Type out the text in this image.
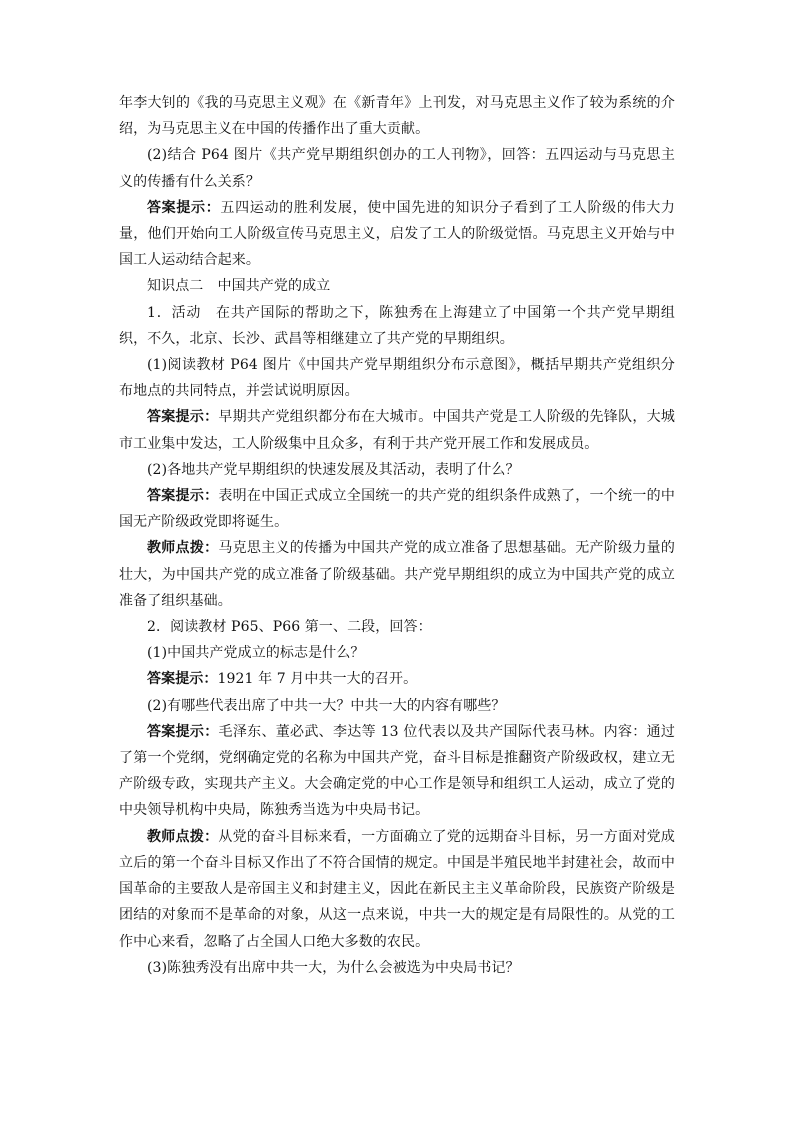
年李大钊的《我的马克思主义观》在《新青年》上刊发，对马克思主义作了较为系统的介绍，为马克思主义在中国的传播作出了重大贡献。

(2)结合 P64 图片《共产党早期组织创办的工人刊物》，回答：五四运动与马克思主义的传播有什么关系？

答案提示：五四运动的胜利发展，使中国先进的知识分子看到了工人阶级的伟大力量，他们开始向工人阶级宣传马克思主义，启发了工人的阶级觉悟。马克思主义开始与中国工人运动结合起来。

知识点二　中国共产党的成立

1．活动　在共产国际的帮助之下，陈独秀在上海建立了中国第一个共产党早期组织，不久，北京、长沙、武昌等相继建立了共产党的早期组织。

(1)阅读教材 P64 图片《中国共产党早期组织分布示意图》，概括早期共产党组织分布地点的共同特点，并尝试说明原因。

答案提示：早期共产党组织都分布在大城市。中国共产党是工人阶级的先锋队，大城市工业集中发达，工人阶级集中且众多，有利于共产党开展工作和发展成员。

(2)各地共产党早期组织的快速发展及其活动，表明了什么？

答案提示：表明在中国正式成立全国统一的共产党的组织条件成熟了，一个统一的中国无产阶级政党即将诞生。

教师点拨：马克思主义的传播为中国共产党的成立准备了思想基础。无产阶级力量的壮大，为中国共产党的成立准备了阶级基础。共产党早期组织的成立为中国共产党的成立准备了组织基础。

2．阅读教材 P65、P66 第一、二段，回答：

(1)中国共产党成立的标志是什么？

答案提示：1921 年 7 月中共一大的召开。

(2)有哪些代表出席了中共一大？中共一大的内容有哪些？

答案提示：毛泽东、董必武、李达等 13 位代表以及共产国际代表马林。内容：通过了第一个党纲，党纲确定党的名称为中国共产党，奋斗目标是推翻资产阶级政权，建立无产阶级专政，实现共产主义。大会确定党的中心工作是领导和组织工人运动，成立了党的中央领导机构中央局，陈独秀当选为中央局书记。

教师点拨：从党的奋斗目标来看，一方面确立了党的远期奋斗目标，另一方面对党成立后的第一个奋斗目标又作出了不符合国情的规定。中国是半殖民地半封建社会，故而中国革命的主要敌人是帝国主义和封建主义，因此在新民主主义革命阶段，民族资产阶级是团结的对象而不是革命的对象，从这一点来说，中共一大的规定是有局限性的。从党的工作中心来看，忽略了占全国人口绝大多数的农民。

(3)陈独秀没有出席中共一大，为什么会被选为中央局书记？
